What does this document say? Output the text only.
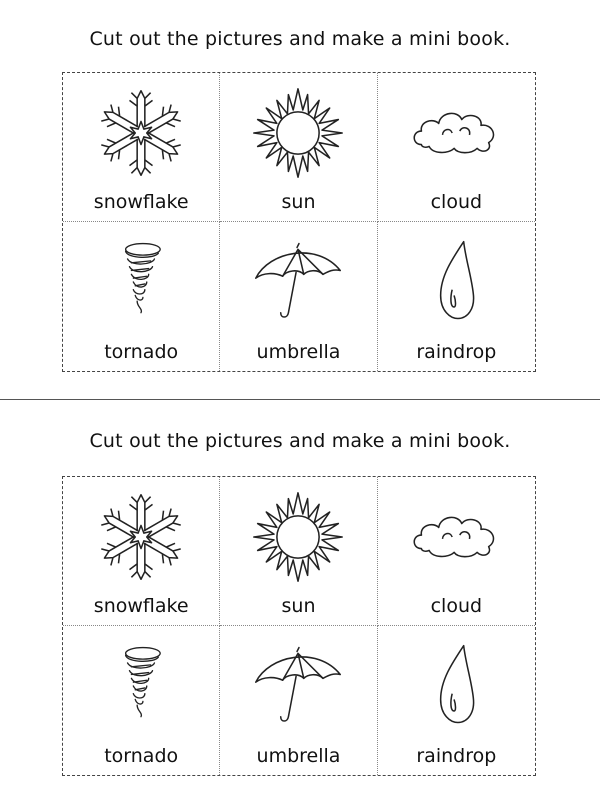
Cut out the pictures and make a mini book.
snowflake	sun	cloud
tornado	umbrella	raindrop
Cut out the pictures and make a mini book.
snowflake	sun	cloud
tornado	umbrella	raindrop
